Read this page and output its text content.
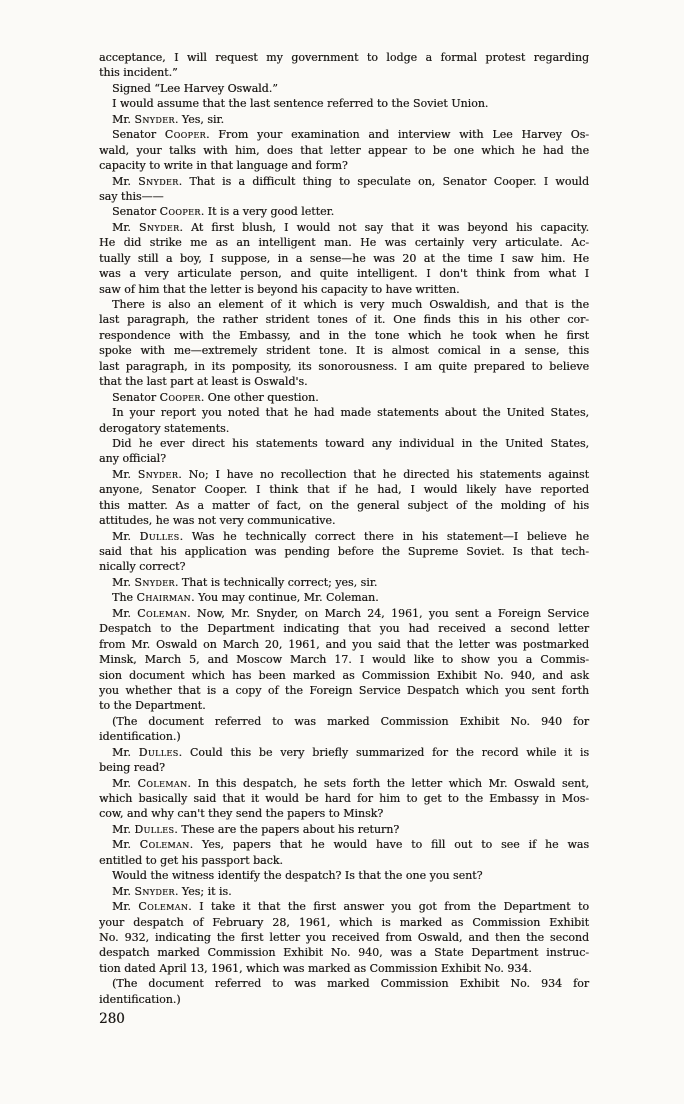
acceptance, I will request my government to lodge a formal protest regarding
this incident.”
Signed “Lee Harvey Oswald.”
I would assume that the last sentence referred to the Soviet Union.
Mr. Snyder. Yes, sir.
Senator Cooper. From your examination and interview with Lee Harvey Os-
wald, your talks with him, does that letter appear to be one which he had the
capacity to write in that language and form?
Mr. Snyder. That is a difficult thing to speculate on, Senator Cooper. I would
say this——
Senator Cooper. It is a very good letter.
Mr. Snyder. At first blush, I would not say that it was beyond his capacity.
He did strike me as an intelligent man. He was certainly very articulate. Ac-
tually still a boy, I suppose, in a sense—he was 20 at the time I saw him. He
was a very articulate person, and quite intelligent. I don't think from what I
saw of him that the letter is beyond his capacity to have written.
There is also an element of it which is very much Oswaldish, and that is the
last paragraph, the rather strident tones of it. One finds this in his other cor-
respondence with the Embassy, and in the tone which he took when he first
spoke with me—extremely strident tone. It is almost comical in a sense, this
last paragraph, in its pomposity, its sonorousness. I am quite prepared to believe
that the last part at least is Oswald's.
Senator Cooper. One other question.
In your report you noted that he had made statements about the United States,
derogatory statements.
Did he ever direct his statements toward any individual in the United States,
any official?
Mr. Snyder. No; I have no recollection that he directed his statements against
anyone, Senator Cooper. I think that if he had, I would likely have reported
this matter. As a matter of fact, on the general subject of the molding of his
attitudes, he was not very communicative.
Mr. Dulles. Was he technically correct there in his statement—I believe he
said that his application was pending before the Supreme Soviet. Is that tech-
nically correct?
Mr. Snyder. That is technically correct; yes, sir.
The Chairman. You may continue, Mr. Coleman.
Mr. Coleman. Now, Mr. Snyder, on March 24, 1961, you sent a Foreign Service
Despatch to the Department indicating that you had received a second letter
from Mr. Oswald on March 20, 1961, and you said that the letter was postmarked
Minsk, March 5, and Moscow March 17. I would like to show you a Commis-
sion document which has been marked as Commission Exhibit No. 940, and ask
you whether that is a copy of the Foreign Service Despatch which you sent forth
to the Department.
(The document referred to was marked Commission Exhibit No. 940 for
identification.)
Mr. Dulles. Could this be very briefly summarized for the record while it is
being read?
Mr. Coleman. In this despatch, he sets forth the letter which Mr. Oswald sent,
which basically said that it would be hard for him to get to the Embassy in Mos-
cow, and why can't they send the papers to Minsk?
Mr. Dulles. These are the papers about his return?
Mr. Coleman. Yes, papers that he would have to fill out to see if he was
entitled to get his passport back.
Would the witness identify the despatch? Is that the one you sent?
Mr. Snyder. Yes; it is.
Mr. Coleman. I take it that the first answer you got from the Department to
your despatch of February 28, 1961, which is marked as Commission Exhibit
No. 932, indicating the first letter you received from Oswald, and then the second
despatch marked Commission Exhibit No. 940, was a State Department instruc-
tion dated April 13, 1961, which was marked as Commission Exhibit No. 934.
(The document referred to was marked Commission Exhibit No. 934 for
identification.)
280
